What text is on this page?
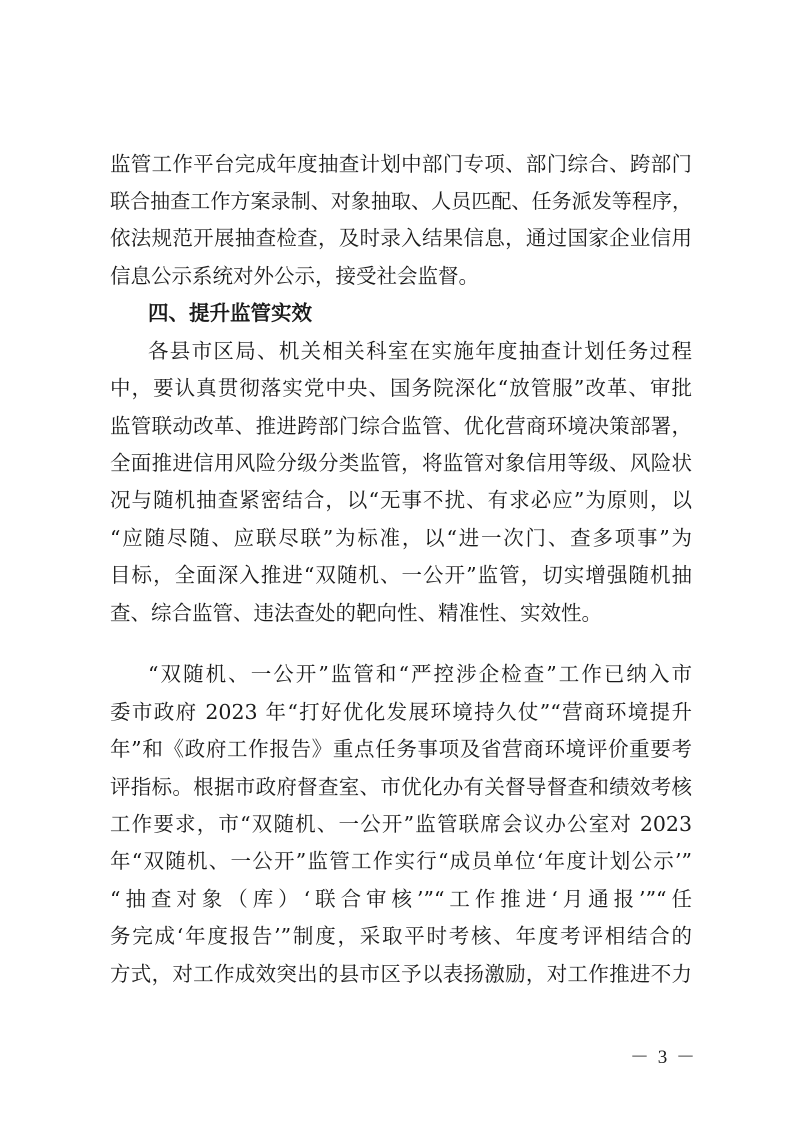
监管工作平台完成年度抽查计划中部门专项、部门综合、跨部门
联合抽查工作方案录制、对象抽取、人员匹配、任务派发等程序，
依法规范开展抽查检查，及时录入结果信息，通过国家企业信用
信息公示系统对外公示，接受社会监督。
四、提升监管实效
各县市区局、机关相关科室在实施年度抽查计划任务过程
中，要认真贯彻落实党中央、国务院深化“放管服”改革、审批
监管联动改革、推进跨部门综合监管、优化营商环境决策部署，
全面推进信用风险分级分类监管，将监管对象信用等级、风险状
况与随机抽查紧密结合，以“无事不扰、有求必应”为原则，以
“应随尽随、应联尽联”为标准，以“进一次门、查多项事”为
目标，全面深入推进“双随机、一公开”监管，切实增强随机抽
查、综合监管、违法查处的靶向性、精准性、实效性。
“双随机、一公开”监管和“严控涉企检查”工作已纳入市
委市政府 2023 年“打好优化发展环境持久仗”“营商环境提升
年”和《政府工作报告》重点任务事项及省营商环境评价重要考
评指标。根据市政府督查室、市优化办有关督导督查和绩效考核
工作要求，市“双随机、一公开”监管联席会议办公室对 2023
年“双随机、一公开”监管工作实行“成员单位‘年度计划公示’”
“抽查对象（库）‘联合审核’”“工作推进‘月通报’”“任
务完成‘年度报告’”制度，采取平时考核、年度考评相结合的
方式，对工作成效突出的县市区予以表扬激励，对工作推进不力
－ 3 －
